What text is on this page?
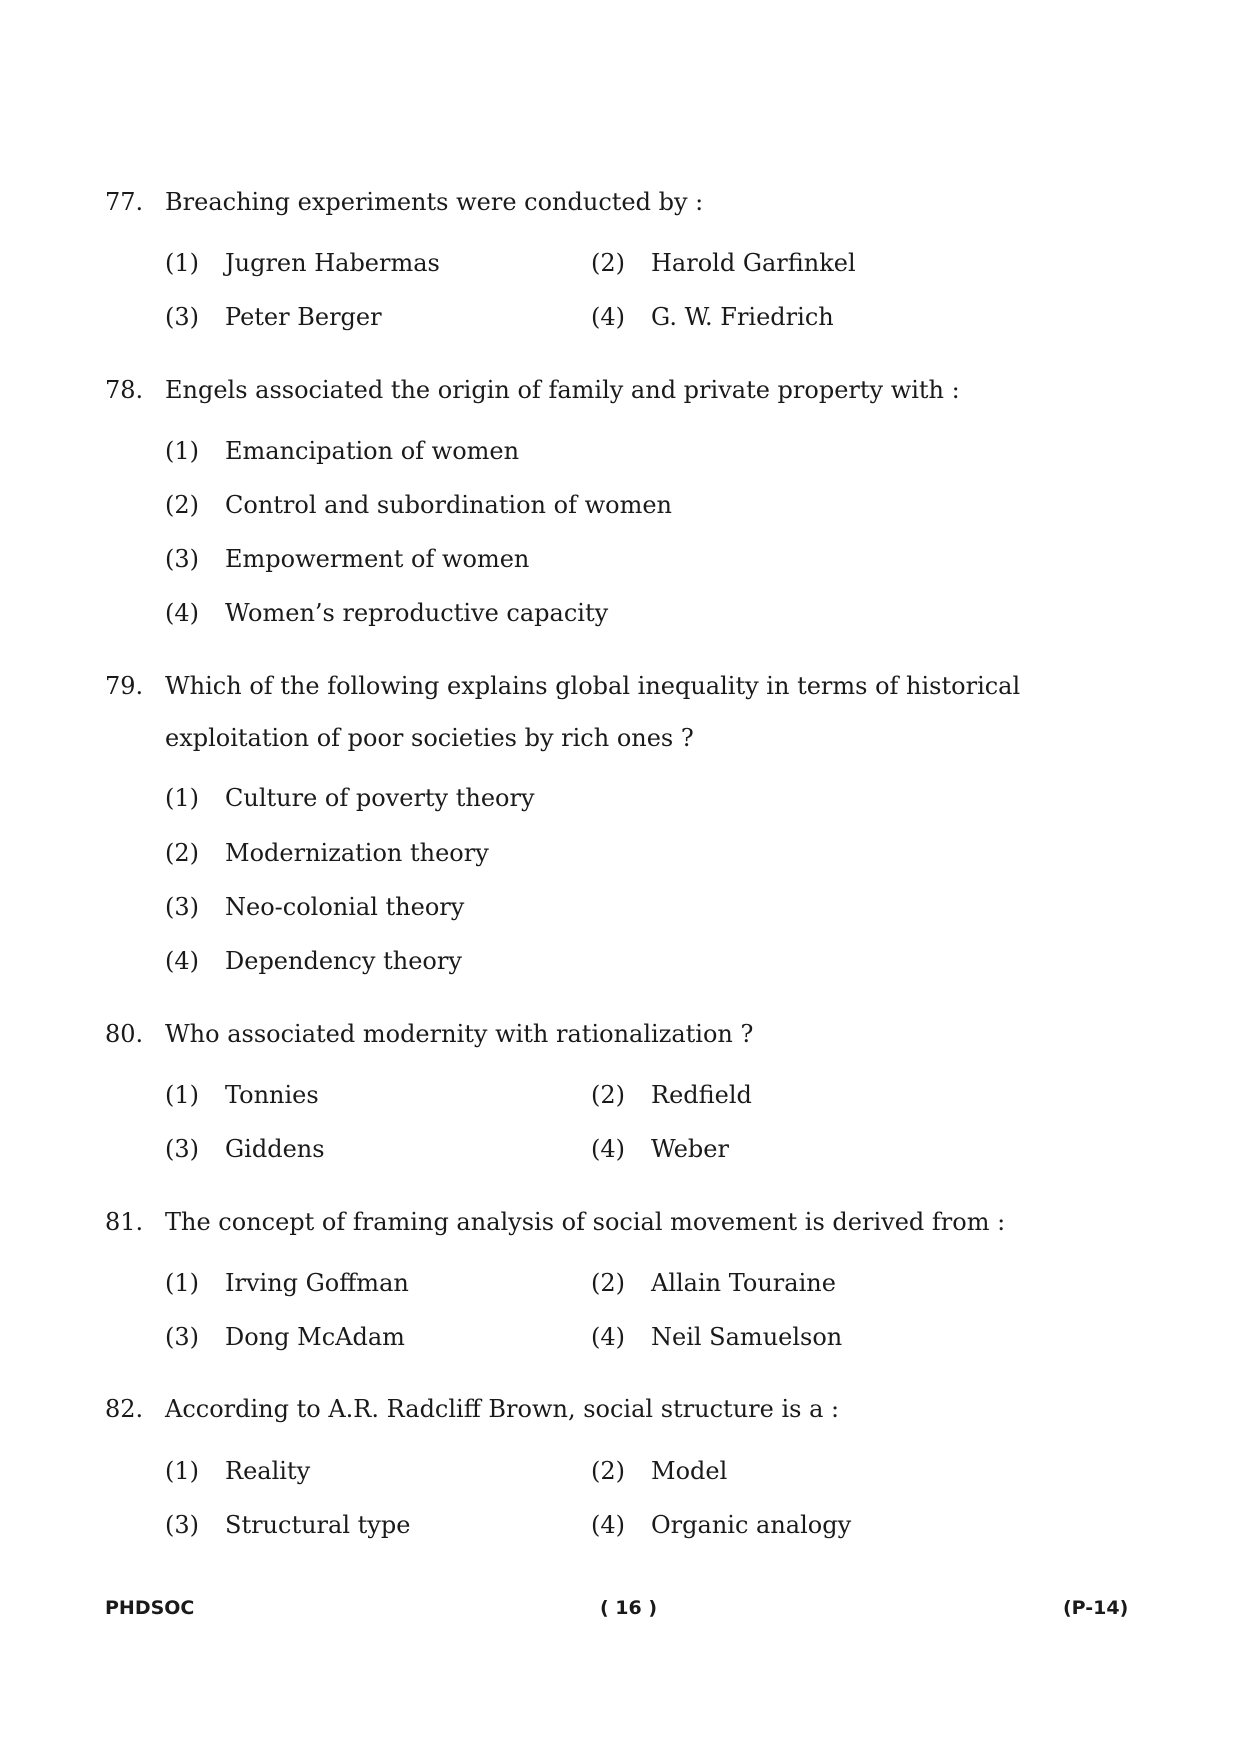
77. Breaching experiments were conducted by :
(1) Jugren Habermas	(2) Harold Garfinkel
(3) Peter Berger	(4) G. W. Friedrich
78. Engels associated the origin of family and private property with :
(1) Emancipation of women
(2) Control and subordination of women
(3) Empowerment of women
(4) Women’s reproductive capacity
79. Which of the following explains global inequality in terms of historical exploitation of poor societies by rich ones ?
(1) Culture of poverty theory
(2) Modernization theory
(3) Neo-colonial theory
(4) Dependency theory
80. Who associated modernity with rationalization ?
(1) Tonnies	(2) Redfield
(3) Giddens	(4) Weber
81. The concept of framing analysis of social movement is derived from :
(1) Irving Goffman	(2) Allain Touraine
(3) Dong McAdam	(4) Neil Samuelson
82. According to A.R. Radcliff Brown, social structure is a :
(1) Reality	(2) Model
(3) Structural type	(4) Organic analogy
PHDSOC	( 16 )	(P-14)
